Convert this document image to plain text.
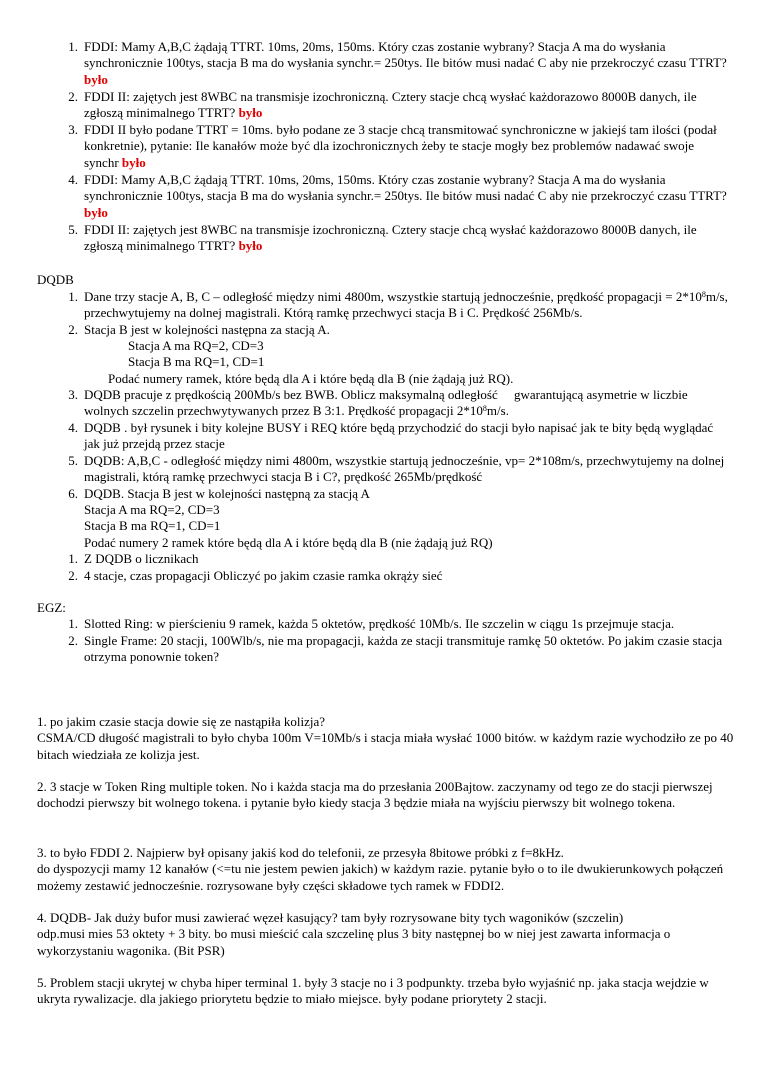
1. FDDI: Mamy A,B,C żądają TTRT. 10ms, 20ms, 150ms. Który czas zostanie wybrany? Stacja A ma do wysłania synchronicznie 100tys, stacja B ma do wysłania synchr.= 250tys. Ile bitów musi nadać C aby nie przekroczyć czasu TTRT? było
2. FDDI II: zajętych jest 8WBC na transmisje izochroniczną. Cztery stacje chcą wysłać każdorazowo 8000B danych, ile zgłoszą minimalnego TTRT? było
3. FDDI II było podane TTRT = 10ms. było podane ze 3 stacje chcą transmitować synchroniczne w jakiejś tam ilości (podał konkretnie), pytanie: Ile kanałów może być dla izochronicznych żeby te stacje mogły bez problemów nadawać swoje synchr było
4. FDDI: Mamy A,B,C żądają TTRT. 10ms, 20ms, 150ms. Który czas zostanie wybrany? Stacja A ma do wysłania synchronicznie 100tys, stacja B ma do wysłania synchr.= 250tys. Ile bitów musi nadać C aby nie przekroczyć czasu TTRT? było
5. FDDI II: zajętych jest 8WBC na transmisje izochroniczną. Cztery stacje chcą wysłać każdorazowo 8000B danych, ile zgłoszą minimalnego TTRT? było
DQDB
1. Dane trzy stacje A, B, C – odległość między nimi 4800m, wszystkie startują jednocześnie, prędkość propagacji = $2*10^8m/s$, przechwytujemy na dolnej magistrali. Którą ramkę przechwyci stacja B i C. Prędkość 256Mb/s.
2. Stacja B jest w kolejności następna za stacją A.
Stacja A ma RQ=2, CD=3
Stacja B ma RQ=1, CD=1
Podać numery ramek, które będą dla A i które będą dla B (nie żądają już RQ).
3. DQDB pracuje z prędkością 200Mb/s bez BWB. Oblicz maksymalną odległość     gwarantującą asymetrie w liczbie wolnych szczelin przechwytywanych przez B 3:1. Prędkość propagacji $2*10^8m/s$.
4. DQDB . był rysunek i bity kolejne BUSY i REQ które będą przychodzić do stacji było napisać jak te bity będą wyglądać jak już przejdą przez stacje
5. DQDB: A,B,C - odległość między nimi 4800m, wszystkie startują jednocześnie, vp= 2*108m/s, przechwytujemy na dolnej magistrali, którą ramkę przechwyci stacja B i C?, prędkość 265Mb/prędkość
6. DQDB. Stacja B jest w kolejności następną za stacją A
Stacja A ma RQ=2, CD=3
Stacja B ma RQ=1, CD=1
Podać numery 2 ramek które będą dla A i które będą dla B (nie żądają już RQ)
1. Z DQDB o licznikach
2. 4 stacje, czas propagacji Obliczyć po jakim czasie ramka okrąży sieć
EGZ:
1. Slotted Ring: w pierścieniu 9 ramek, każda 5 oktetów, prędkość 10Mb/s. Ile szczelin w ciągu 1s przejmuje stacja.
2. Single Frame: 20 stacji, 100Wlb/s, nie ma propagacji, każda ze stacji transmituje ramkę 50 oktetów. Po jakim czasie stacja otrzyma ponownie token?
1. po jakim czasie stacja dowie się ze nastąpiła kolizja?
CSMA/CD długość magistrali to było chyba 100m V=10Mb/s i stacja miała wysłać 1000 bitów. w każdym razie wychodziło ze po 40 bitach wiedziała ze kolizja jest.
2. 3 stacje w Token Ring multiple token. No i każda stacja ma do przesłania 200Bajtow. zaczynamy od tego ze do stacji pierwszej dochodzi pierwszy bit wolnego tokena. i pytanie było kiedy stacja 3 będzie miała na wyjściu pierwszy bit wolnego tokena.
3. to było FDDI 2. Najpierw był opisany jakiś kod do telefonii, ze przesyła 8bitowe próbki z f=8kHz.
do dyspozycji mamy 12 kanałów (<=tu nie jestem pewien jakich) w każdym razie. pytanie było o to ile dwukierunkowych połączeń możemy zestawić jednocześnie. rozrysowane były części składowe tych ramek w FDDI2.
4. DQDB- Jak duży bufor musi zawierać węzeł kasujący? tam były rozrysowane bity tych wagoników (szczelin)
odp.musi mies 53 oktety + 3 bity. bo musi mieścić cala szczelinę plus 3 bity następnej bo w niej jest zawarta informacja o wykorzystaniu wagonika. (Bit PSR)
5. Problem stacji ukrytej w chyba hiper terminal 1. były 3 stacje no i 3 podpunkty. trzeba było wyjaśnić np. jaka stacja wejdzie w ukryta rywalizacje. dla jakiego priorytetu będzie to miało miejsce. były podane priorytety 2 stacji.
